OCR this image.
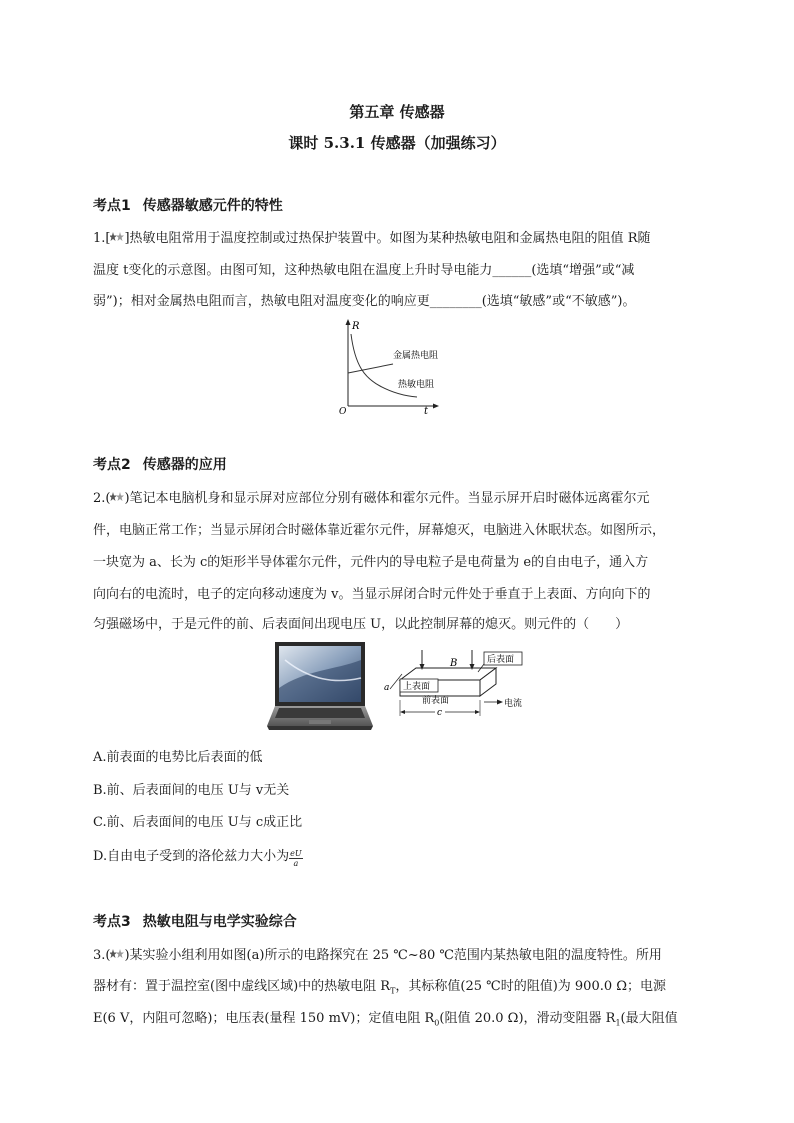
第五章 传感器
课时 5.3.1 传感器（加强练习）
考点1 传感器敏感元件的特性
1.[ ]热敏电阻常用于温度控制或过热保护装置中。如图为某种热敏电阻和金属热电阻的阻值 R随
温度 t变化的示意图。由图可知，这种热敏电阻在温度上升时导电能力______(选填“增强”或“减
弱”)；相对金属热电阻而言，热敏电阻对温度变化的响应更________(选填“敏感”或“不敏感”)。
R
t
O
金属热电阻
热敏电阻
考点2 传感器的应用
2.( )笔记本电脑机身和显示屏对应部位分别有磁体和霍尔元件。当显示屏开启时磁体远离霍尔元
件，电脑正常工作；当显示屏闭合时磁体靠近霍尔元件，屏幕熄灭，电脑进入休眠状态。如图所示，
一块宽为 a、长为 c的矩形半导体霍尔元件，元件内的导电粒子是电荷量为 e的自由电子，通入方
向向右的电流时，电子的定向移动速度为 v。当显示屏闭合时元件处于垂直于上表面、方向向下的
匀强磁场中，于是元件的前、后表面间出现电压 U，以此控制屏幕的熄灭。则元件的（　　）
B	后表面
上表面
前表面
a
c
电流
A.前表面的电势比后表面的低
B.前、后表面间的电压 U与 v无关
C.前、后表面间的电压 U与 c成正比
D.自由电子受到的洛伦兹力大小为 $\frac{eU}{a}$
考点3 热敏电阻与电学实验综合
3.( )某实验小组利用如图(a)所示的电路探究在 25 ℃~80 ℃范围内某热敏电阻的温度特性。所用
器材有：置于温控室(图中虚线区域)中的热敏电阻 $R_T$，其标称值(25 ℃时的阻值)为 900.0 Ω；电源
E(6 V，内阻可忽略)；电压表(量程 150 mV)；定值电阻 $R_0$(阻值 20.0 Ω)，滑动变阻器 $R_1$(最大阻值
